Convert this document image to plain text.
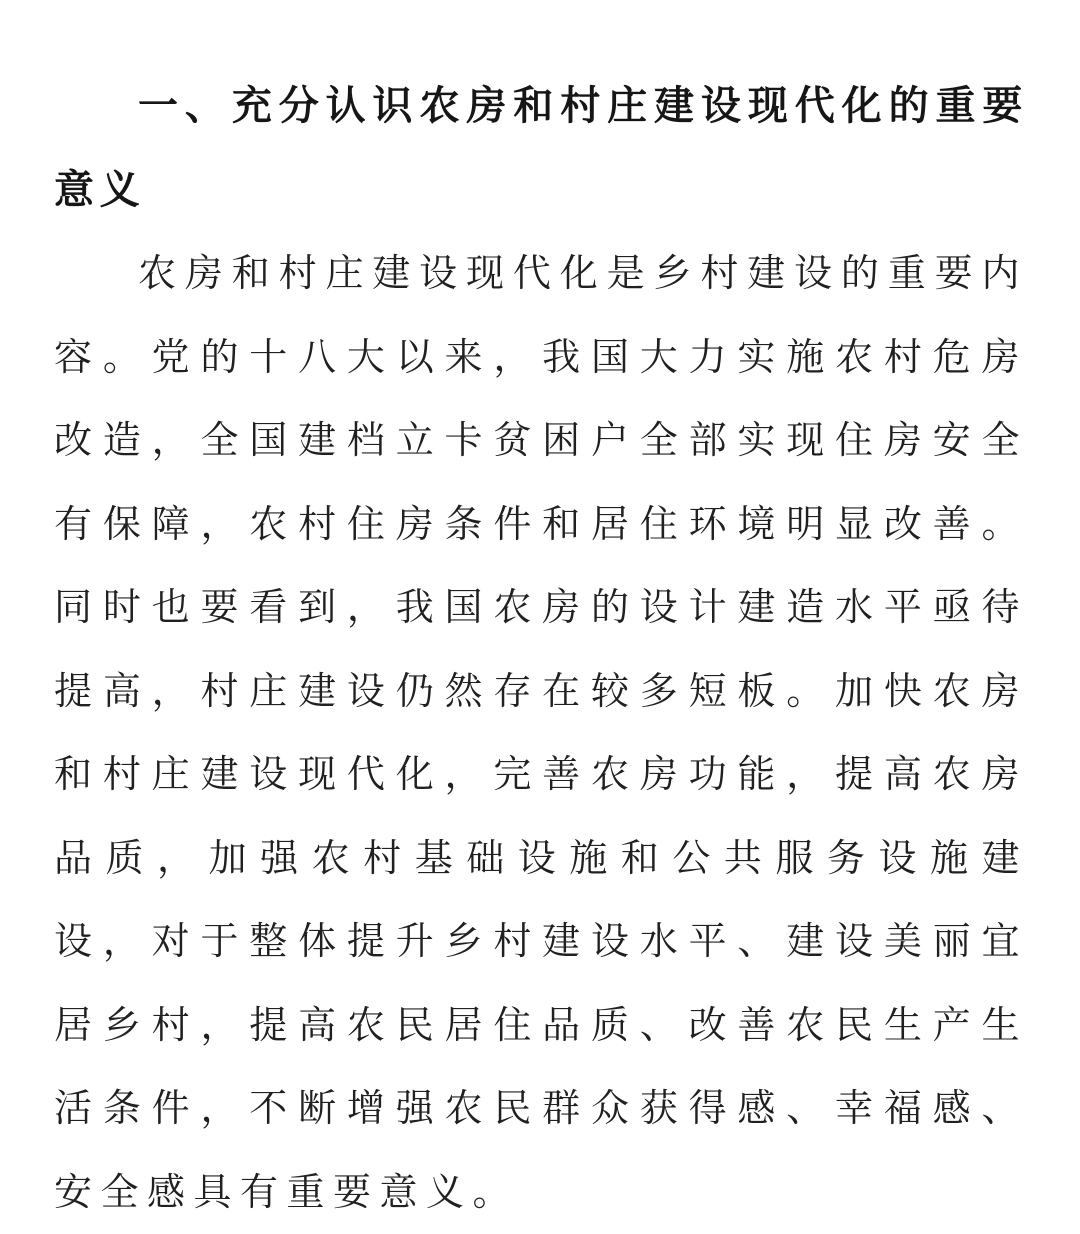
一、充分认识农房和村庄建设现代化的重要意义

农房和村庄建设现代化是乡村建设的重要内容。党的十八大以来，我国大力实施农村危房改造，全国建档立卡贫困户全部实现住房安全有保障，农村住房条件和居住环境明显改善。同时也要看到，我国农房的设计建造水平亟待提高，村庄建设仍然存在较多短板。加快农房和村庄建设现代化，完善农房功能，提高农房品质，加强农村基础设施和公共服务设施建设，对于整体提升乡村建设水平、建设美丽宜居乡村，提高农民居住品质、改善农民生产生活条件，不断增强农民群众获得感、幸福感、安全感具有重要意义。
